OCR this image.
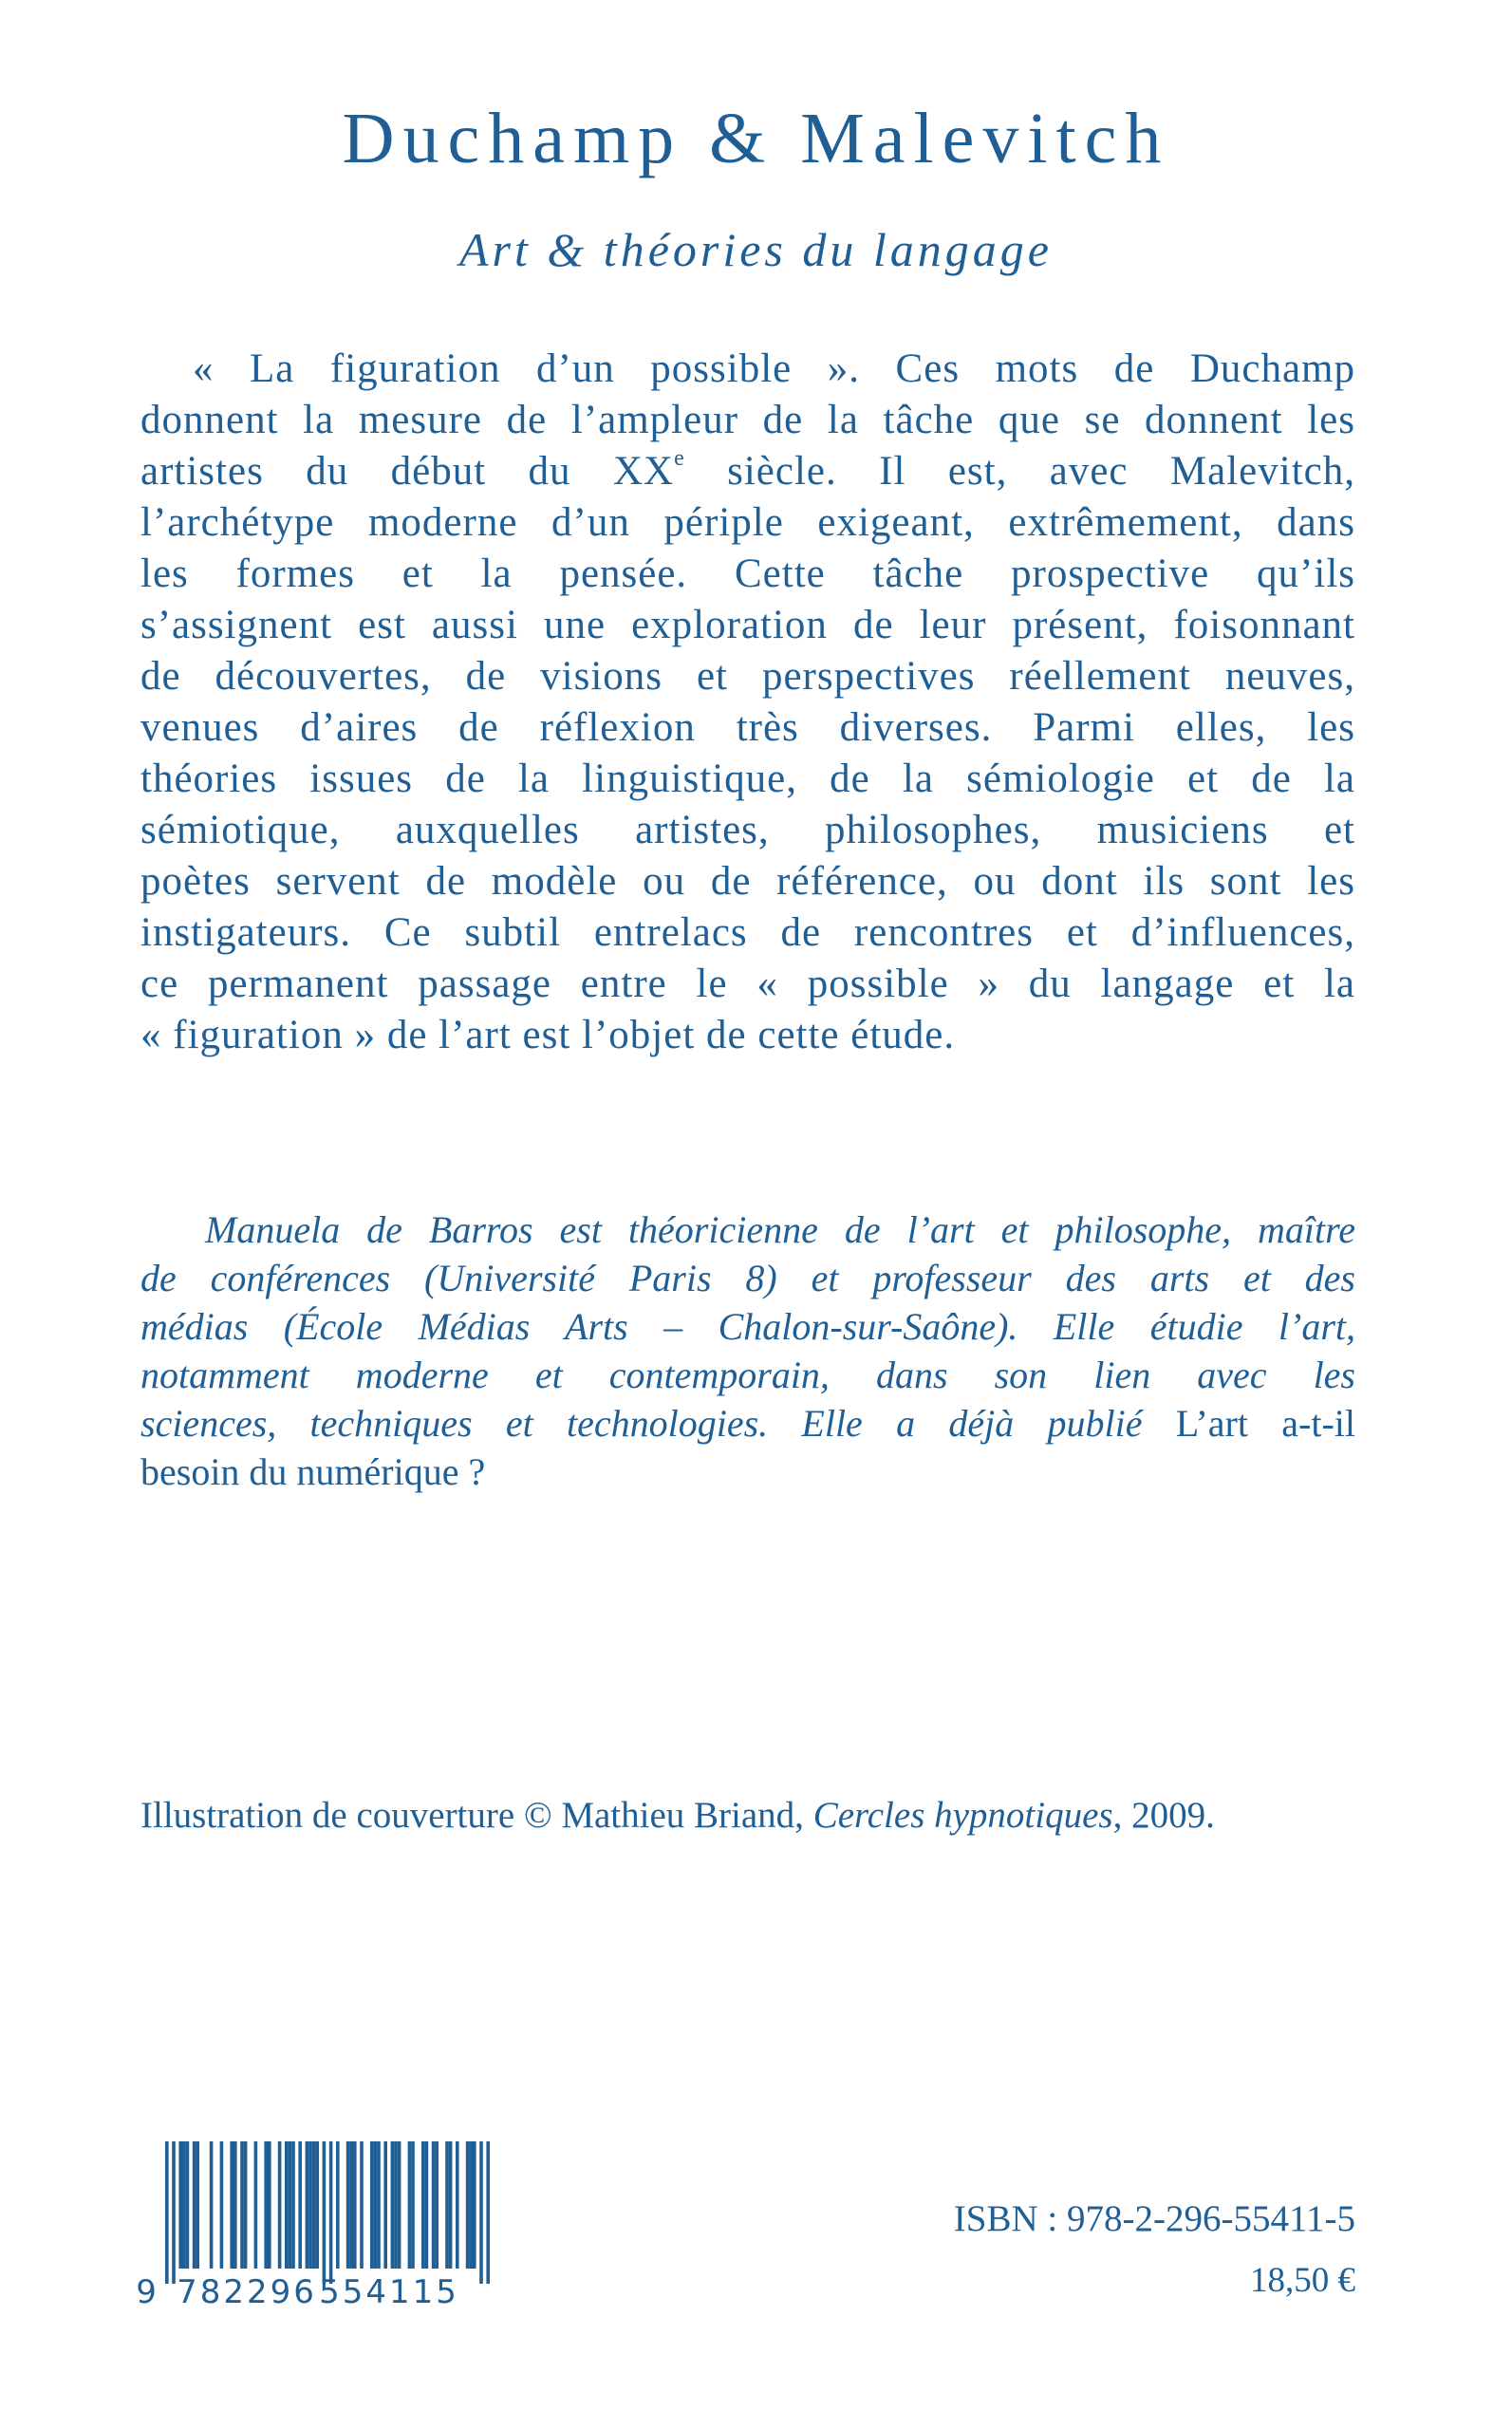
Duchamp & Malevitch
Art & théories du langage
« La figuration d’un possible ». Ces mots de Duchamp
donnent la mesure de l’ampleur de la tâche que se donnent les
artistes du début du XXe siècle. Il est, avec Malevitch,
l’archétype moderne d’un périple exigeant, extrêmement, dans
les formes et la pensée. Cette tâche prospective qu’ils
s’assignent est aussi une exploration de leur présent, foisonnant
de découvertes, de visions et perspectives réellement neuves,
venues d’aires de réflexion très diverses. Parmi elles, les
théories issues de la linguistique, de la sémiologie et de la
sémiotique, auxquelles artistes, philosophes, musiciens et
poètes servent de modèle ou de référence, ou dont ils sont les
instigateurs. Ce subtil entrelacs de rencontres et d’influences,
ce permanent passage entre le « possible » du langage et la
« figuration » de l’art est l’objet de cette étude.
Manuela de Barros est théoricienne de l’art et philosophe, maître
de conférences (Université Paris 8) et professeur des arts et des
médias (École Médias Arts – Chalon-sur-Saône). Elle étudie l’art,
notamment moderne et contemporain, dans son lien avec les
sciences, techniques et technologies. Elle a déjà publié L’art a-t-il
besoin du numérique ?
Illustration de couverture © Mathieu Briand, Cercles hypnotiques, 2009.
9 782296 554115
ISBN : 978-2-296-55411-5
18,50 €
